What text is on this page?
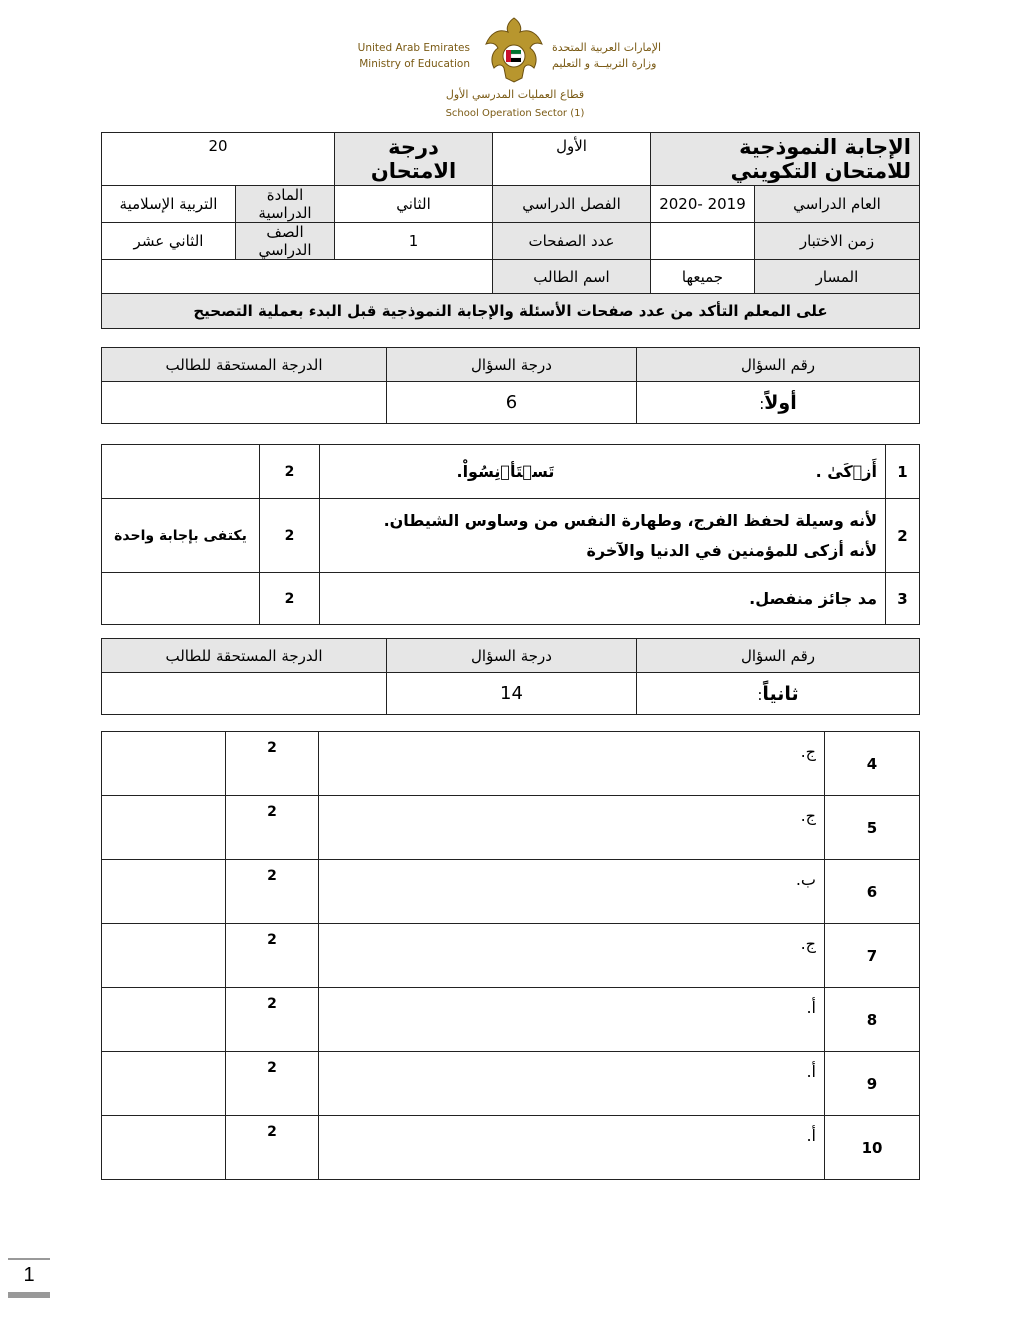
United Arab Emirates
Ministry of Education
الإمارات العربية المتحدة
وزارة التربيــة و التعليم
قطاع العمليات المدرسي الأول
School Operation Sector (1)
الإجابة النموذجية للامتحان التكويني		الأول	درجة الامتحان	20	
العام الدراسي	2019 -2020	الفصل الدراسي	الثاني	المادة الدراسية	التربية الإسلامية
زمن الاختبار		عدد الصفحات	1	الصف الدراسي	الثاني عشر
المسار	جميعها	اسم الطالب			
على المعلم التأكد من عدد صفحات الأسئلة والإجابة النموذجية قبل البدء بعملية التصحيح					
رقم السؤال	درجة السؤال	الدرجة المستحقة للطالب
أولاً:	6	
1	أَزۡكَىٰ .  تَسۡتَأۡنِسُواْ.	2	
2	لأنه وسيلة لحفظ الفرج، وطهارة النفس من وساوس الشيطان.
لأنه أزكى للمؤمنين في الدنيا والآخرة	2	يكتفى بإجابة واحدة
3	مد جائز منفصل.	2	
رقم السؤال	درجة السؤال	الدرجة المستحقة للطالب
ثانياً:	14	
4	ج.	2	
5	ج.	2	
6	ب.	2	
7	ج.	2	
8	أ.	2	
9	أ.	2	
10	أ.	2	
1
